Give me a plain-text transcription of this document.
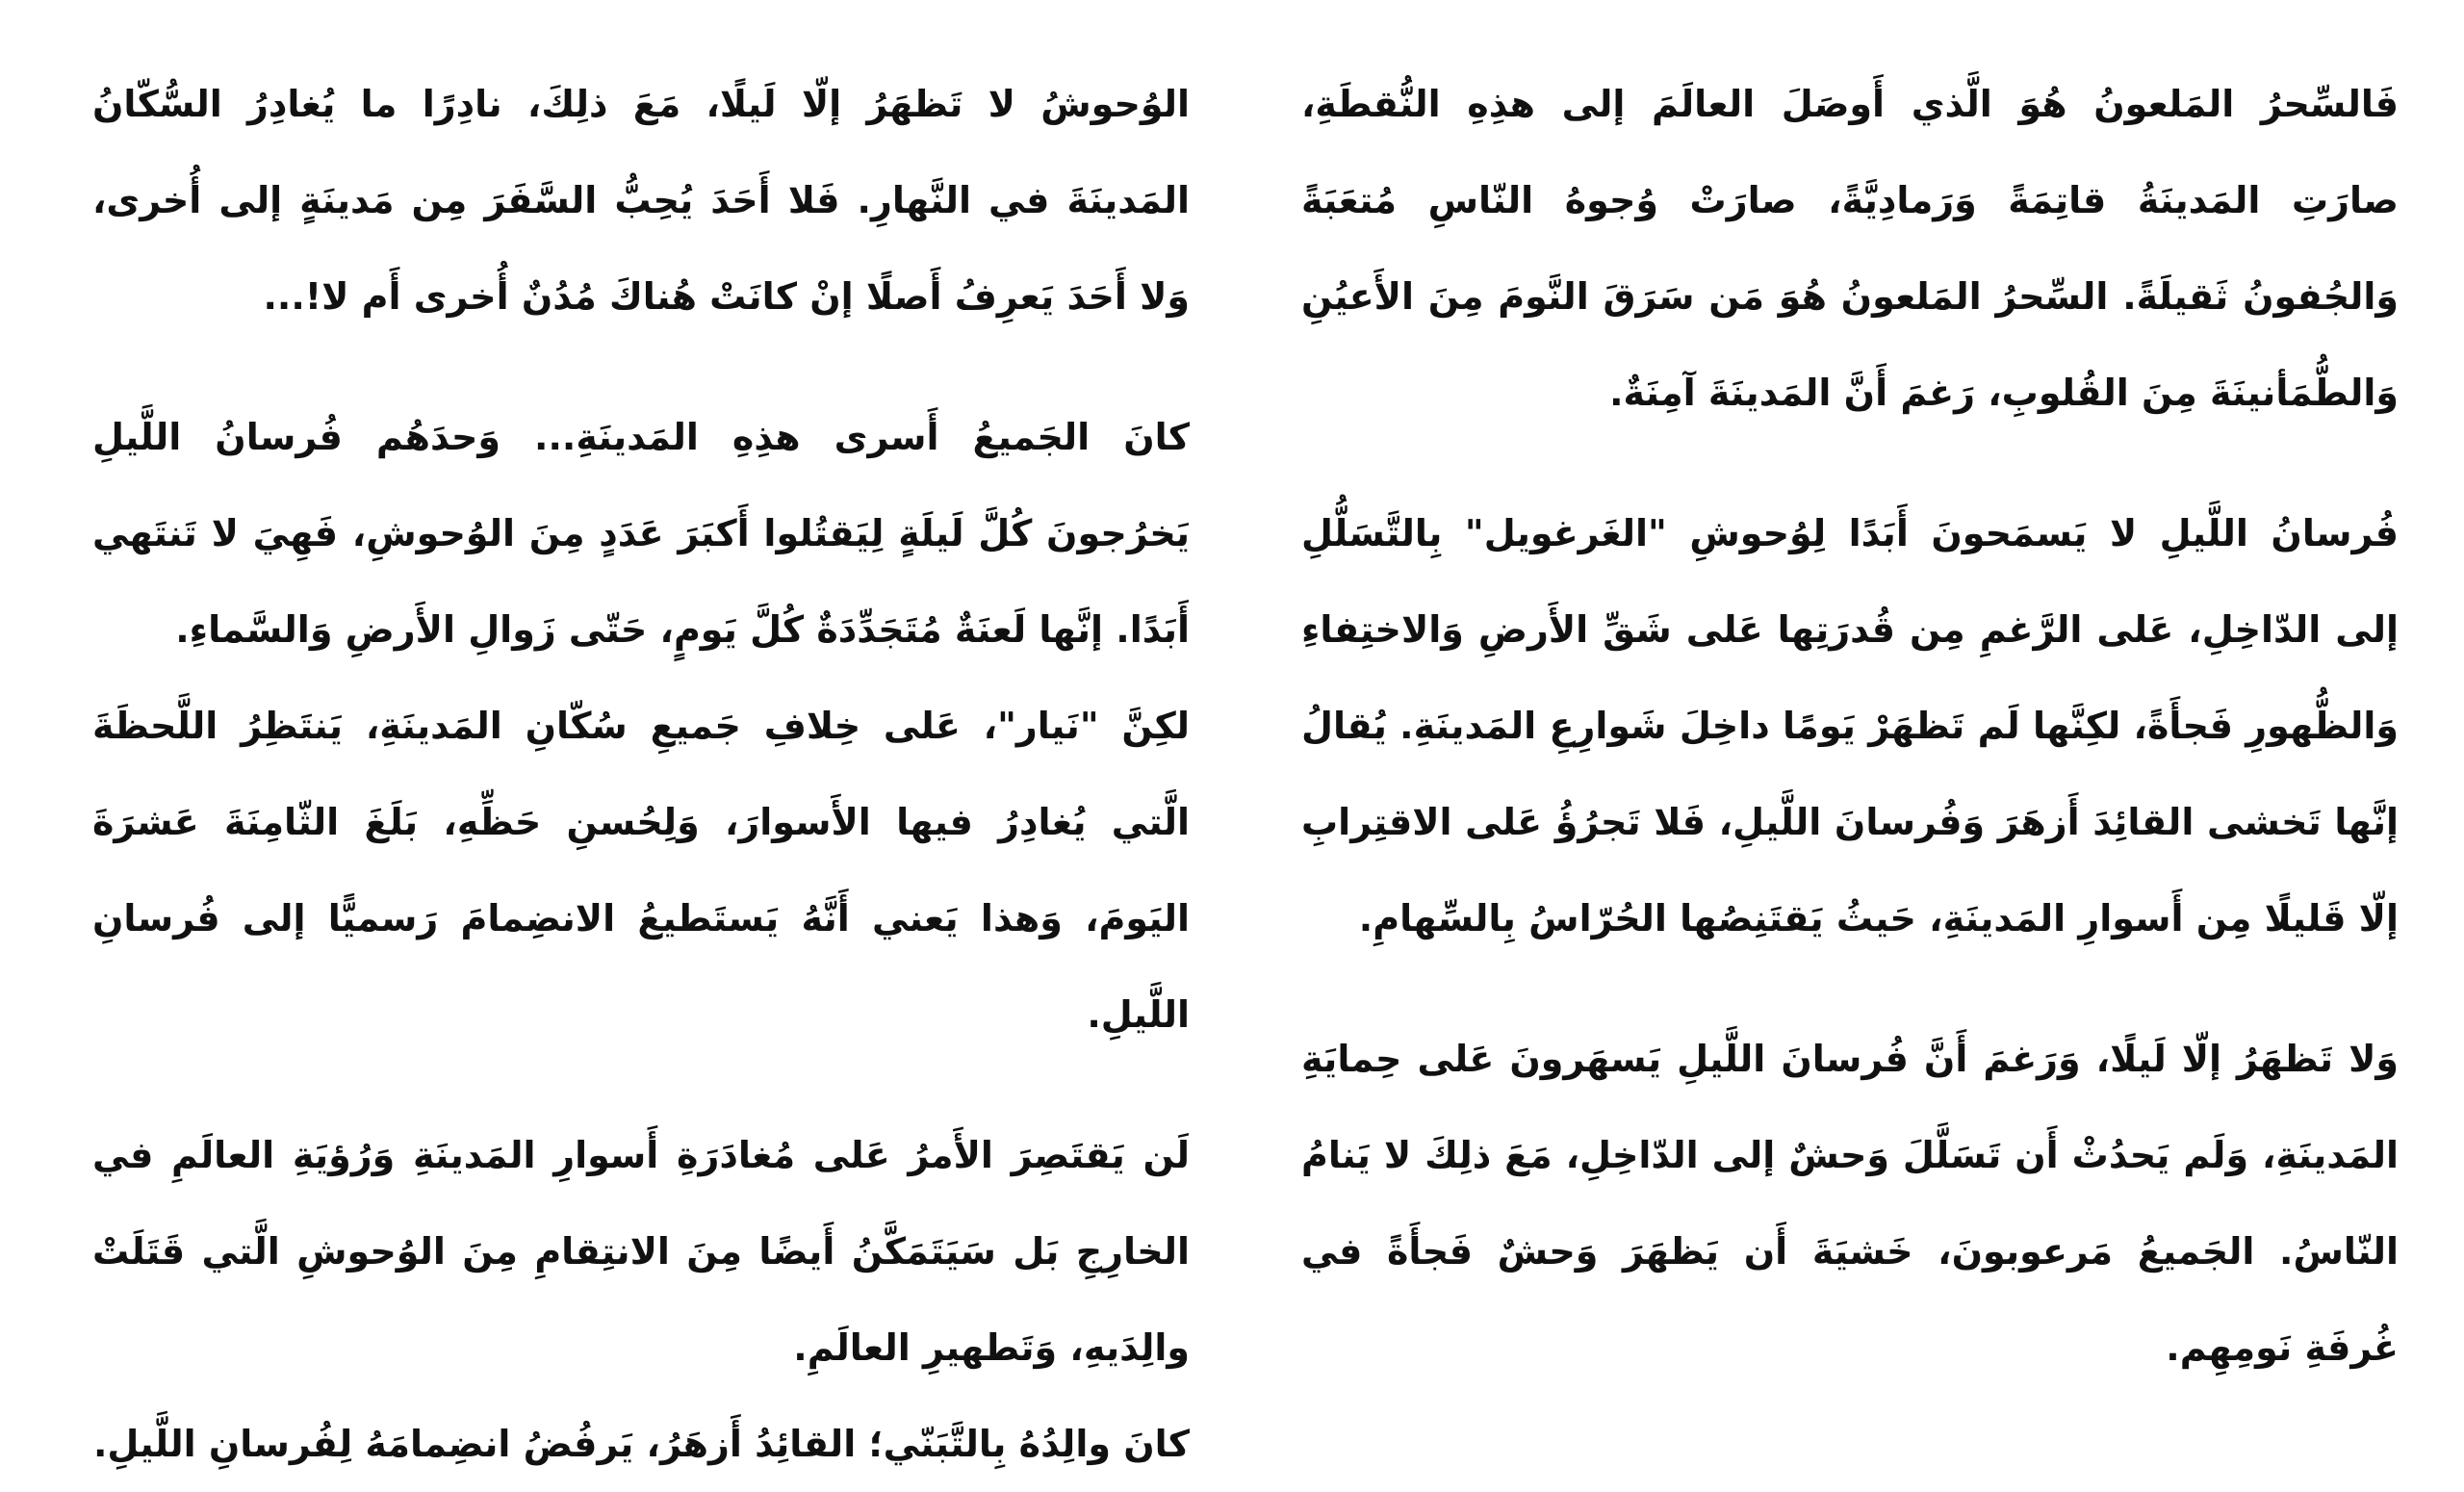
فَالسِّحرُ المَلعونُ هُوَ الَّذي أَوصَلَ العالَمَ إلى هذِهِ النُّقطَةِ، صارَتِ المَدينَةُ قاتِمَةً وَرَمادِيَّةً، صارَتْ وُجوهُ النّاسِ مُتعَبَةً وَالجُفونُ ثَقيلَةً. السِّحرُ المَلعونُ هُوَ مَن سَرَقَ النَّومَ مِنَ الأَعيُنِ وَالطُّمَأنينَةَ مِنَ القُلوبِ، رَغمَ أَنَّ المَدينَةَ آمِنَةٌ.

فُرسانُ اللَّيلِ لا يَسمَحونَ أَبَدًا لِوُحوشِ "الغَرغويل" بِالتَّسَلُّلِ إلى الدّاخِلِ، عَلى الرَّغمِ مِن قُدرَتِها عَلى شَقِّ الأَرضِ وَالاختِفاءِ وَالظُّهورِ فَجأَةً، لكِنَّها لَم تَظهَرْ يَومًا داخِلَ شَوارِعِ المَدينَةِ. يُقالُ إنَّها تَخشى القائِدَ أَزهَرَ وَفُرسانَ اللَّيلِ، فَلا تَجرُؤُ عَلى الاقتِرابِ إلّا قَليلًا مِن أَسوارِ المَدينَةِ، حَيثُ يَقتَنِصُها الحُرّاسُ بِالسِّهامِ.

وَلا تَظهَرُ إلّا لَيلًا، وَرَغمَ أَنَّ فُرسانَ اللَّيلِ يَسهَرونَ عَلى حِمايَةِ المَدينَةِ، وَلَم يَحدُثْ أَن تَسَلَّلَ وَحشٌ إلى الدّاخِلِ، مَعَ ذلِكَ لا يَنامُ النّاسُ. الجَميعُ مَرعوبونَ، خَشيَةَ أَن يَظهَرَ وَحشٌ فَجأَةً في غُرفَةِ نَومِهِم.

الوُحوشُ لا تَظهَرُ إلّا لَيلًا، مَعَ ذلِكَ، نادِرًا ما يُغادِرُ السُّكّانُ المَدينَةَ في النَّهارِ. فَلا أَحَدَ يُحِبُّ السَّفَرَ مِن مَدينَةٍ إلى أُخرى، وَلا أَحَدَ يَعرِفُ أَصلًا إنْ كانَتْ هُناكَ مُدُنٌ أُخرى أَم لا!...

كانَ الجَميعُ أَسرى هذِهِ المَدينَةِ... وَحدَهُم فُرسانُ اللَّيلِ يَخرُجونَ كُلَّ لَيلَةٍ لِيَقتُلوا أَكبَرَ عَدَدٍ مِنَ الوُحوشِ، فَهِيَ لا تَنتَهي أَبَدًا. إنَّها لَعنَةٌ مُتَجَدِّدَةٌ كُلَّ يَومٍ، حَتّى زَوالِ الأَرضِ وَالسَّماءِ.

لكِنَّ "نَيار"، عَلى خِلافِ جَميعِ سُكّانِ المَدينَةِ، يَنتَظِرُ اللَّحظَةَ الَّتي يُغادِرُ فيها الأَسوارَ، وَلِحُسنِ حَظِّهِ، بَلَغَ الثّامِنَةَ عَشرَةَ اليَومَ، وَهذا يَعني أَنَّهُ يَستَطيعُ الانضِمامَ رَسميًّا إلى فُرسانِ اللَّيلِ.

لَن يَقتَصِرَ الأَمرُ عَلى مُغادَرَةِ أَسوارِ المَدينَةِ وَرُؤيَةِ العالَمِ في الخارِجِ بَل سَيَتَمَكَّنُ أَيضًا مِنَ الانتِقامِ مِنَ الوُحوشِ الَّتي قَتَلَتْ والِدَيهِ، وَتَطهيرِ العالَمِ.

كانَ والِدُهُ بِالتَّبَنّي؛ القائِدُ أَزهَرُ، يَرفُضُ انضِمامَهُ لِفُرسانِ اللَّيلِ.
